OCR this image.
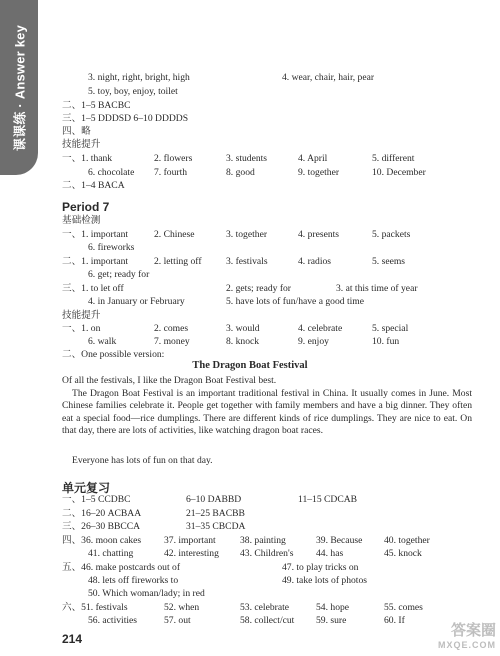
课课练 · Answer key	3. night, right, bright, high	4. wear, chair, hair, pear
5. toy, boy, enjoy, toilet
二、1–5 BACBC
三、1–5 DDDSD 6–10 DDDDS
四、略
技能提升
一、1. thank	2. flowers	3. students	4. April	5. different
6. chocolate 7. fourth	8. good	9. together	10. December
二、1–4 BACA
Period 7
基础检测
一、1. important	2. Chinese	3. together	4. presents	5. packets
6. fireworks
二、1. important	2. letting off	3. festivals	4. radios	5. seems
6. get; ready for
三、1. to let off	2. gets; ready for	3. at this time of year
4. in January or February	5. have lots of fun/have a good time
技能提升
一、1. on	2. comes	3. would	4. celebrate	5. special
6. walk	7. money	8. knock	9. enjoy	10. fun
二、One possible version:
The Dragon Boat Festival
Of all the festivals, I like the Dragon Boat Festival best.
The Dragon Boat Festival is an important traditional festival in China. It usually comes in June. Most Chinese families celebrate it. People get together with family members and have a big dinner. They often eat a special food—rice dumplings. There are different kinds of rice dumplings. They are nice to eat. On that day, there are lots of activities, like watching dragon boat races.
Everyone has lots of fun on that day.
单元复习
一、1–5 CCDBC	6–10 DABBD	11–15 CDCAB
二、16–20 ACBAA	21–25 BACBB
三、26–30 BBCCA	31–35 CBCDA
四、36. moon cakes 37. important	38. painting	39. Because 40. together
41. chatting	42. interesting 43. Children's 44. has	45. knock
五、46. make postcards out of	47. to play tricks on
48. lets off fireworks to	49. take lots of photos
50. Which woman/lady; in red
六、51. festivals	52. when	53. celebrate	54. hope	55. comes
56. activities	57. out	58. collect/cut 59. sure	60. If
214	答案圈
MXQE.COM
